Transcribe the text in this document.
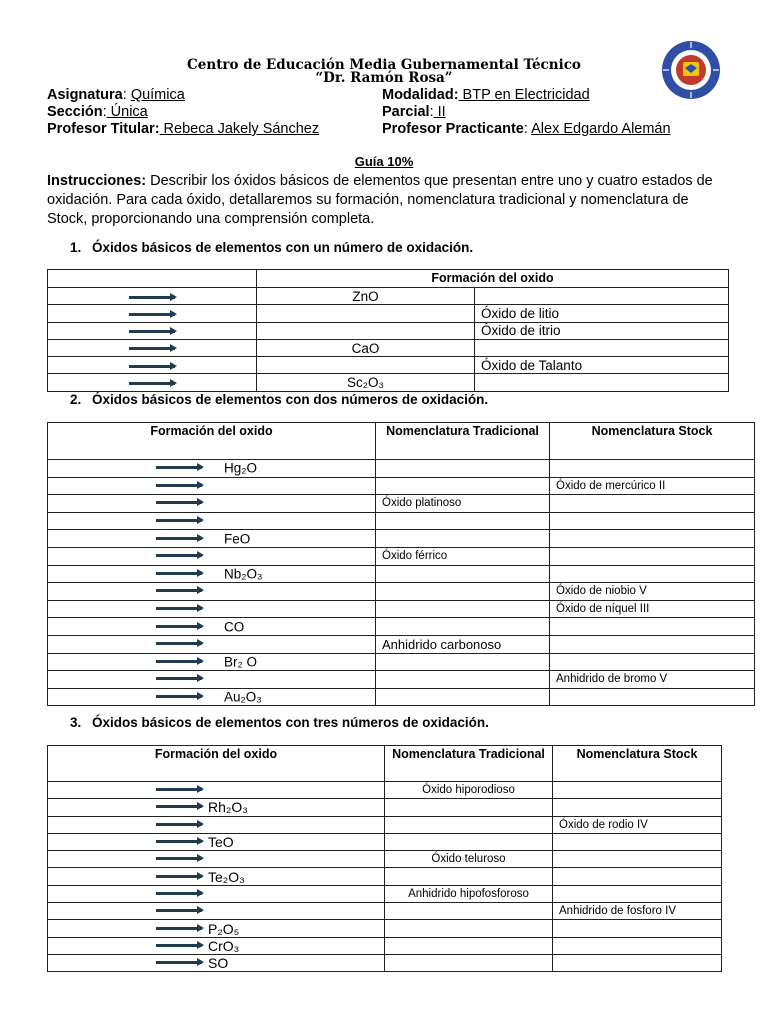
Centro de Educación Media Gubernamental Técnico
“Dr. Ramón Rosa”
Asignatura: Química	Modalidad: BTP en Electricidad
Sección: Única	Parcial: II
Profesor Titular: Rebeca Jakely Sánchez	Profesor Practicante: Alex Edgardo Alemán
Guía 10%
Instrucciones: Describir los óxidos básicos de elementos que presentan entre uno y cuatro estados de oxidación. Para cada óxido, detallaremos su formación, nomenclatura tradicional y nomenclatura de Stock, proporcionando una comprensión completa.
1. Óxidos básicos de elementos con un número de oxidación.
	Formación del oxido	
	ZnO	
		Óxido de litio
		Óxido de itrio
	CaO	
		Óxido de Talanto
	Sc₂O₃	
2. Óxidos básicos de elementos con dos números de oxidación.
Formación del oxido	Nomenclatura Tradicional	Nomenclatura Stock

Hg₂O		

		Óxido de mercúrico II

	Óxido platinoso	

FeO		

	Óxido férrico	

Nb₂O₃		

		Óxido de niobio V

		Óxido de níquel III

CO		

	Anhidrido carbonoso	

Br₂ O		

		Anhidrido de bromo V

Au₂O₃		

3. Óxidos básicos de elementos con tres números de oxidación.
Formación del oxido	Nomenclatura Tradicional	Nomenclatura Stock

	Óxido hiporodioso	

→ Rh₂O₃		

		Óxido de rodio IV

→ TeO		

	Óxido teluroso	

→ Te₂O₃		

	Anhidrido hipofosforoso	

		Anhidrido de fosforo IV

→ P₂O₅		

→ CrO₃		

→ SO		
